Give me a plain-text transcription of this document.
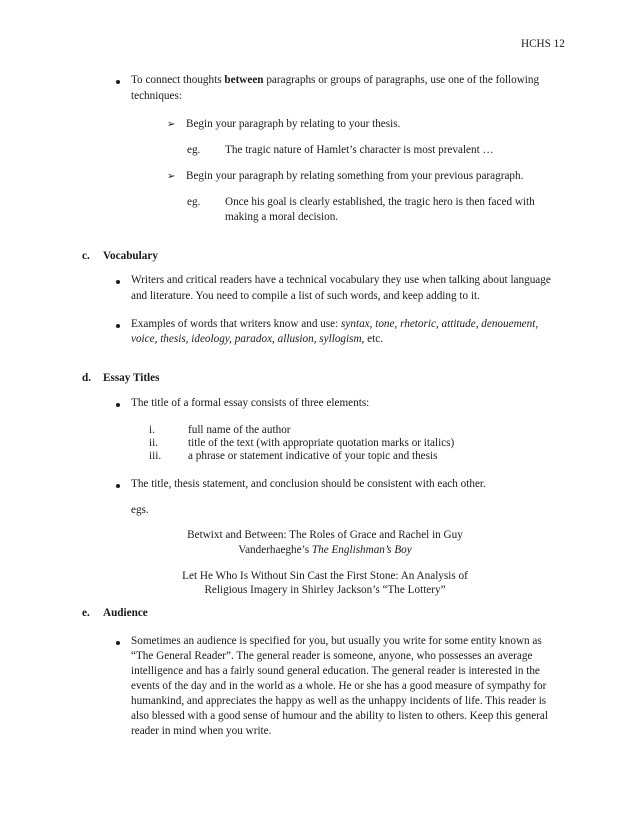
HCHS 12
To connect thoughts between paragraphs or groups of paragraphs, use one of the following
techniques:
➢ Begin your paragraph by relating to your thesis.
eg. The tragic nature of Hamlet’s character is most prevalent …
➢ Begin your paragraph by relating something from your previous paragraph.
eg. Once his goal is clearly established, the tragic hero is then faced with
making a moral decision.
c. Vocabulary
Writers and critical readers have a technical vocabulary they use when talking about language
and literature. You need to compile a list of such words, and keep adding to it.
Examples of words that writers know and use: syntax, tone, rhetoric, attitude, denouement,
voice, thesis, ideology, paradox, allusion, syllogism, etc.
d. Essay Titles
The title of a formal essay consists of three elements:
i.	full name of the author
ii.	title of the text (with appropriate quotation marks or italics)
iii. a phrase or statement indicative of your topic and thesis
The title, thesis statement, and conclusion should be consistent with each other.
egs.
Betwixt and Between: The Roles of Grace and Rachel in Guy
Vanderhaeghe’s The Englishman’s Boy
Let He Who Is Without Sin Cast the First Stone: An Analysis of
Religious Imagery in Shirley Jackson’s “The Lottery”
e. Audience
Sometimes an audience is specified for you, but usually you write for some entity known as
“The General Reader”. The general reader is someone, anyone, who possesses an average
intelligence and has a fairly sound general education. The general reader is interested in the
events of the day and in the world as a whole. He or she has a good measure of sympathy for
humankind, and appreciates the happy as well as the unhappy incidents of life. This reader is
also blessed with a good sense of humour and the ability to listen to others. Keep this general
reader in mind when you write.
